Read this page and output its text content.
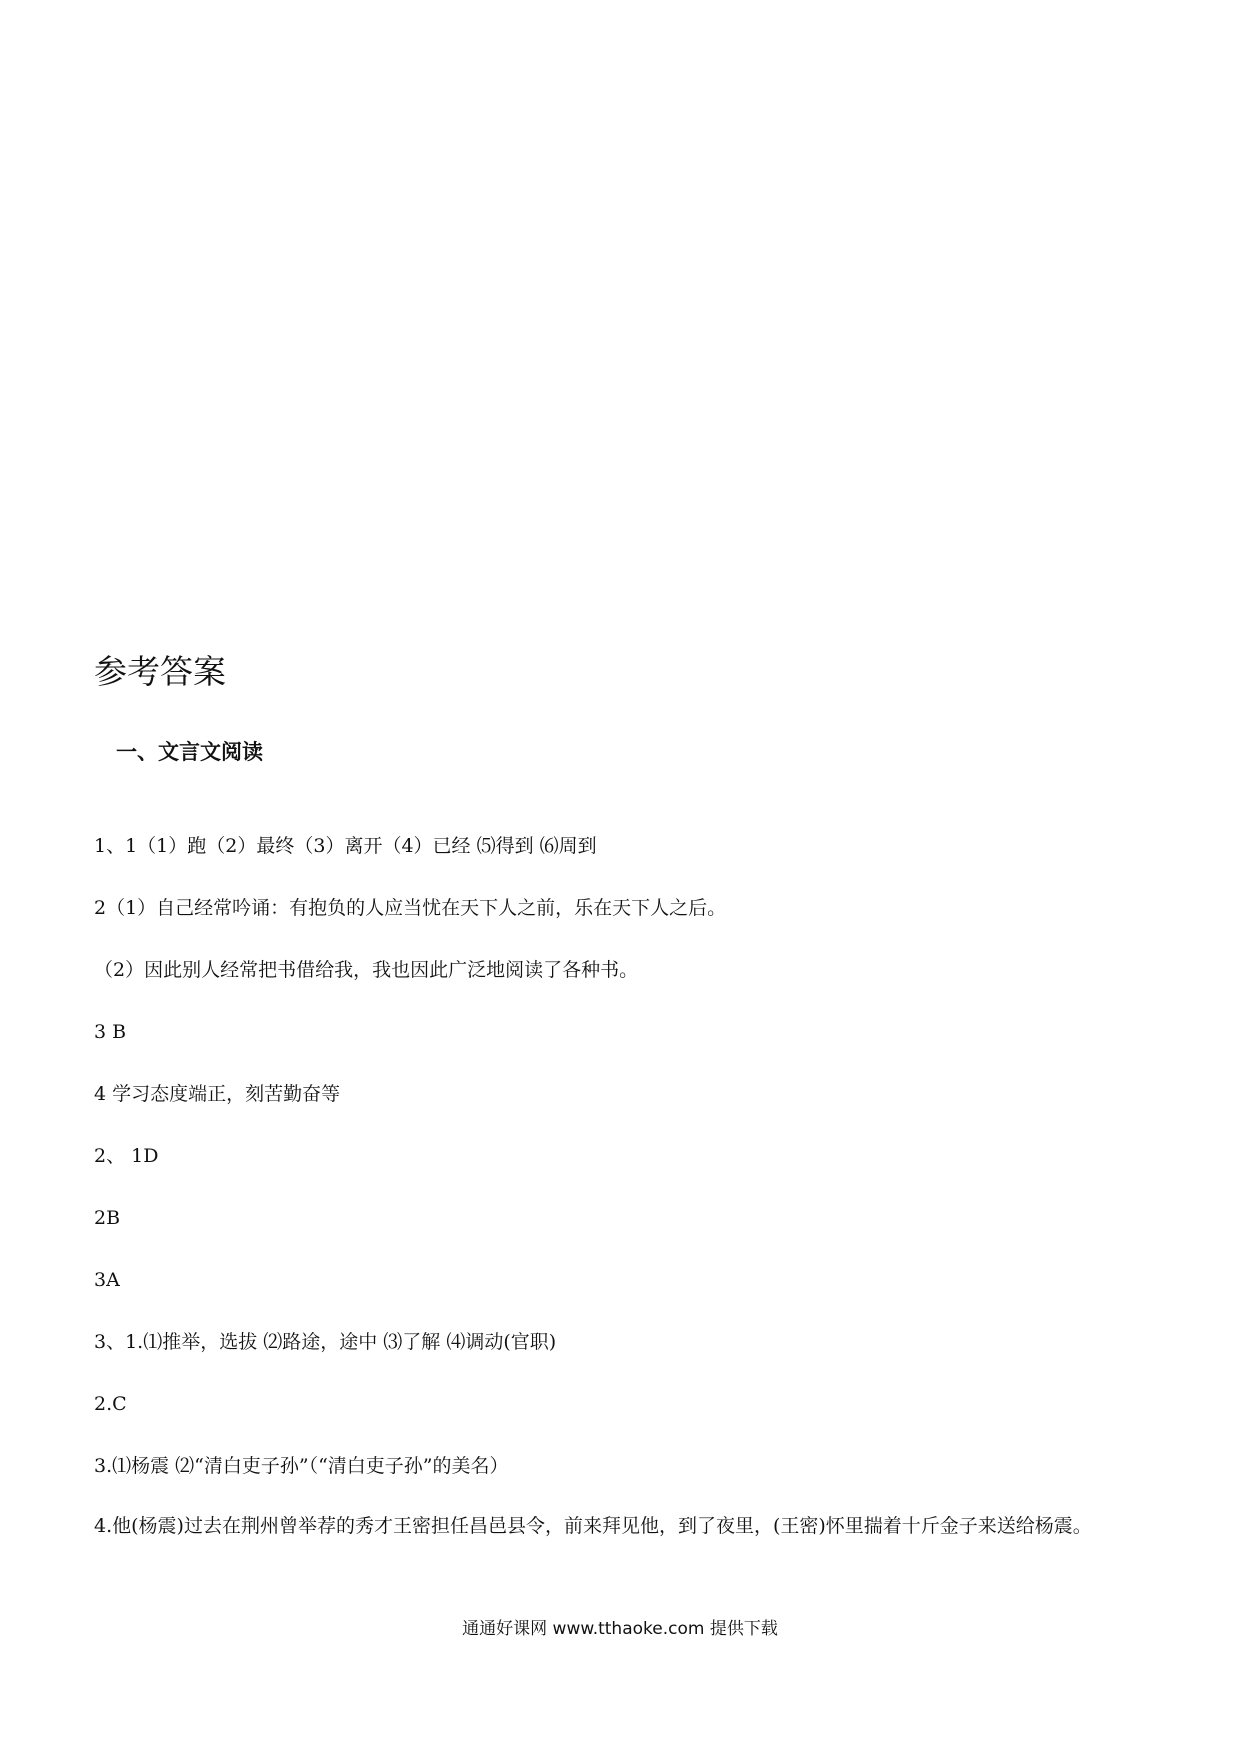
参考答案
一、文言文阅读

1、1（1）跑（2）最终（3）离开（4）已经 ⑸得到 ⑹周到

2（1）自己经常吟诵：有抱负的人应当忧在天下人之前，乐在天下人之后。

（2）因此别人经常把书借给我，我也因此广泛地阅读了各种书。

3 B

4 学习态度端正，刻苦勤奋等

2、 1D

2B

3A

3、1.⑴推举，选拔 ⑵路途，途中 ⑶了解 ⑷调动(官职)

2.C

3.⑴杨震 ⑵“清白吏子孙”（“清白吏子孙”的美名）

4.他(杨震)过去在荆州曾举荐的秀才王密担任昌邑县令，前来拜见他，到了夜里，(王密)怀里揣着十斤金子来送给杨震。

通通好课网 www.tthaoke.com 提供下载
